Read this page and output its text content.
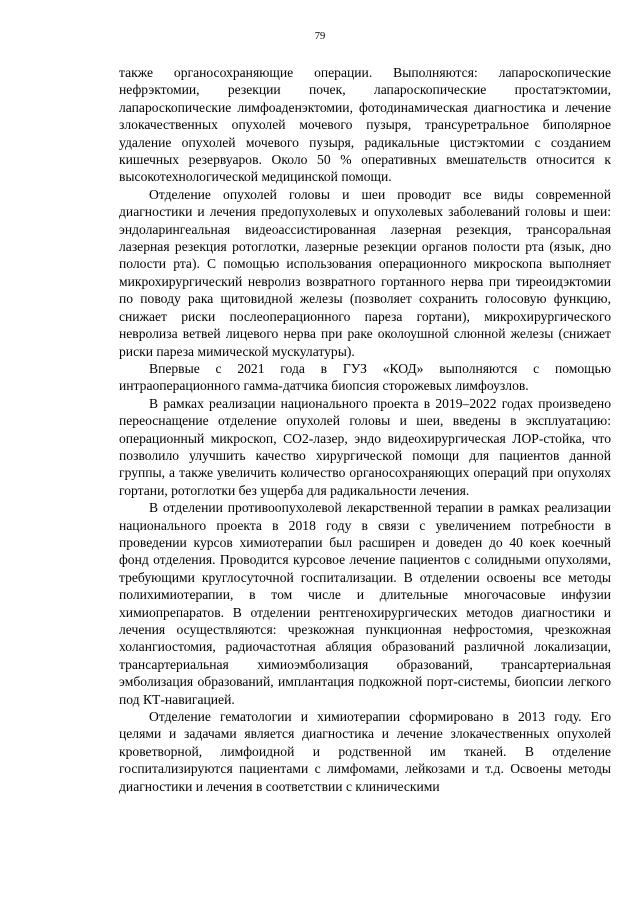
79

также органосохраняющие операции. Выполняются: лапароскопические нефрэктомии, резекции почек, лапароскопические простатэктомии, лапароскопические лимфоаденэктомии, фотодинамическая диагностика и лечение злокачественных опухолей мочевого пузыря, трансуретральное биполярное удаление опухолей мочевого пузыря, радикальные цистэктомии с созданием кишечных резервуаров. Около 50 % оперативных вмешательств относится к высокотехнологической медицинской помощи.

Отделение опухолей головы и шеи проводит все виды современной диагностики и лечения предопухолевых и опухолевых заболеваний головы и шеи: эндоларингеальная видеоассистированная лазерная резекция, трансоральная лазерная резекция ротоглотки, лазерные резекции органов полости рта (язык, дно полости рта). С помощью использования операционного микроскопа выполняет микрохирургический невролиз возвратного гортанного нерва при тиреоидэктомии по поводу рака щитовидной железы (позволяет сохранить голосовую функцию, снижает риски послеоперационного пареза гортани), микрохирургического невролиза ветвей лицевого нерва при раке околоушной слюнной железы (снижает риски пареза мимической мускулатуры).

Впервые с 2021 года в ГУЗ «КОД» выполняются с помощью интраоперационного гамма-датчика биопсия сторожевых лимфоузлов.

В рамках реализации национального проекта в 2019–2022 годах произведено переоснащение отделение опухолей головы и шеи, введены в эксплуатацию: операционный микроскоп, СО2-лазер, эндо видеохирургическая ЛОР-стойка, что позволило улучшить качество хирургической помощи для пациентов данной группы, а также увеличить количество органосохраняющих операций при опухолях гортани, ротоглотки без ущерба для радикальности лечения.

В отделении противоопухолевой лекарственной терапии в рамках реализации национального проекта в 2018 году в связи с увеличением потребности в проведении курсов химиотерапии был расширен и доведен до 40 коек коечный фонд отделения. Проводится курсовое лечение пациентов с солидными опухолями, требующими круглосуточной госпитализации. В отделении освоены все методы полихимиотерапии, в том числе и длительные многочасовые инфузии химиопрепаратов. В отделении рентгенохирургических методов диагностики и лечения осуществляются: чрезкожная пункционная нефростомия, чрезкожная холангиостомия, радиочастотная абляция образований различной локализации, трансартериальная химиоэмболизация образований, трансартериальная эмболизация образований, имплантация подкожной порт-системы, биопсии легкого под КТ-навигацией.

Отделение гематологии и химиотерапии сформировано в 2013 году. Его целями и задачами является диагностика и лечение злокачественных опухолей кроветворной, лимфоидной и родственной им тканей. В отделение госпитализируются пациентами с лимфомами, лейкозами и т.д. Освоены методы диагностики и лечения в соответствии с клиническими
